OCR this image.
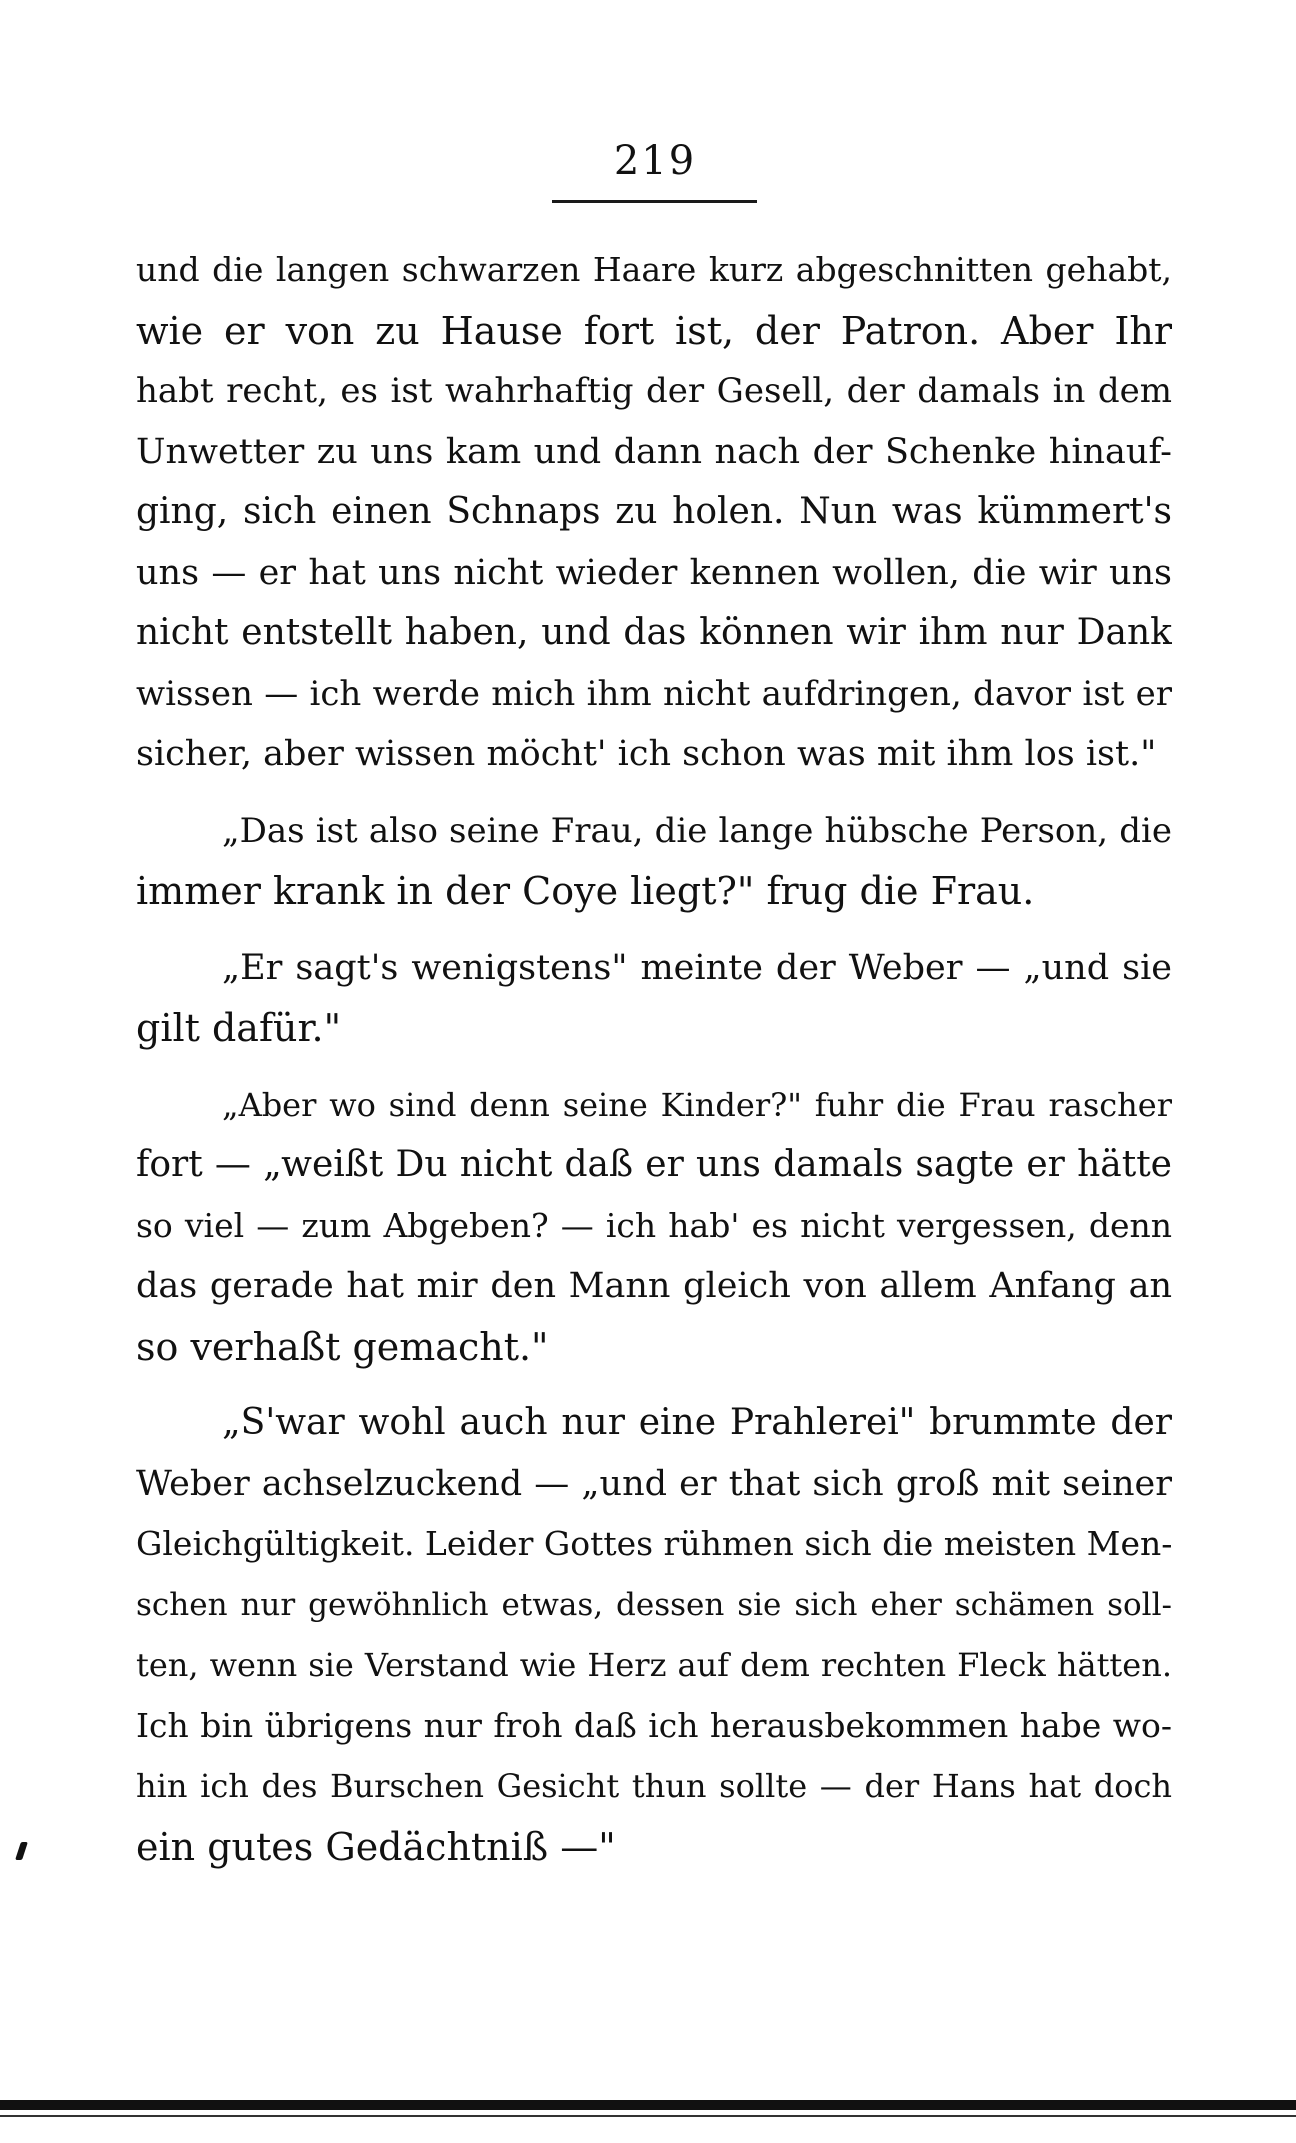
219
und die langen schwarzen Haare kurz abgeschnitten gehabt,
wie er von zu Hause fort ist, der Patron. Aber Ihr
habt recht, es ist wahrhaftig der Gesell, der damals in dem
Unwetter zu uns kam und dann nach der Schenke hinauf-
ging, sich einen Schnaps zu holen. Nun was kümmert's
uns — er hat uns nicht wieder kennen wollen, die wir uns
nicht entstellt haben, und das können wir ihm nur Dank
wissen — ich werde mich ihm nicht aufdringen, davor ist er
sicher, aber wissen möcht' ich schon was mit ihm los ist."
„Das ist also seine Frau, die lange hübsche Person, die
immer krank in der Coye liegt?" frug die Frau.
„Er sagt's wenigstens" meinte der Weber — „und sie
gilt dafür."
„Aber wo sind denn seine Kinder?" fuhr die Frau rascher
fort — „weißt Du nicht daß er uns damals sagte er hätte
so viel — zum Abgeben? — ich hab' es nicht vergessen, denn
das gerade hat mir den Mann gleich von allem Anfang an
so verhaßt gemacht."
„S'war wohl auch nur eine Prahlerei" brummte der
Weber achselzuckend — „und er that sich groß mit seiner
Gleichgültigkeit. Leider Gottes rühmen sich die meisten Men-
schen nur gewöhnlich etwas, dessen sie sich eher schämen soll-
ten, wenn sie Verstand wie Herz auf dem rechten Fleck hätten.
Ich bin übrigens nur froh daß ich herausbekommen habe wo-
hin ich des Burschen Gesicht thun sollte — der Hans hat doch
ein gutes Gedächtniß —"
